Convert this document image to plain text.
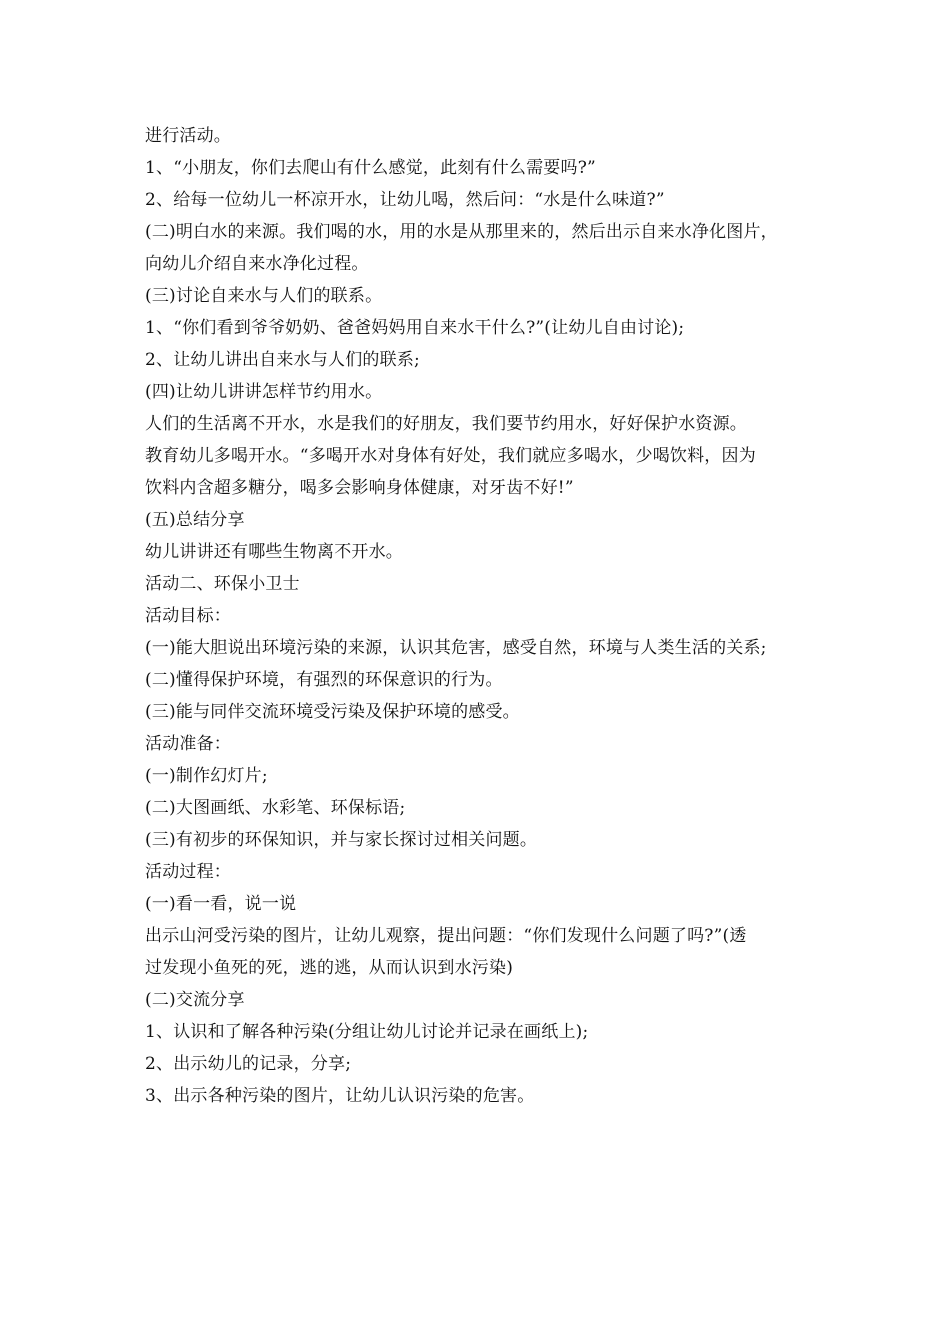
进行活动。

1、“小朋友，你们去爬山有什么感觉，此刻有什么需要吗?”

2、给每一位幼儿一杯凉开水，让幼儿喝，然后问：“水是什么味道?”

(二)明白水的来源。我们喝的水，用的水是从那里来的，然后出示自来水净化图片，

向幼儿介绍自来水净化过程。

(三)讨论自来水与人们的联系。

1、“你们看到爷爷奶奶、爸爸妈妈用自来水干什么?”(让幼儿自由讨论);

2、让幼儿讲出自来水与人们的联系;

(四)让幼儿讲讲怎样节约用水。

人们的生活离不开水，水是我们的好朋友，我们要节约用水，好好保护水资源。

教育幼儿多喝开水。“多喝开水对身体有好处，我们就应多喝水，少喝饮料，因为

饮料内含超多糖分，喝多会影响身体健康，对牙齿不好!”

(五)总结分享

幼儿讲讲还有哪些生物离不开水。

活动二、环保小卫士

活动目标：

(一)能大胆说出环境污染的来源，认识其危害，感受自然，环境与人类生活的关系;

(二)懂得保护环境，有强烈的环保意识的行为。

(三)能与同伴交流环境受污染及保护环境的感受。

活动准备：

(一)制作幻灯片;

(二)大图画纸、水彩笔、环保标语;

(三)有初步的环保知识，并与家长探讨过相关问题。

活动过程：

(一)看一看，说一说

出示山河受污染的图片，让幼儿观察，提出问题：“你们发现什么问题了吗?”(透

过发现小鱼死的死，逃的逃，从而认识到水污染)

(二)交流分享

1、认识和了解各种污染(分组让幼儿讨论并记录在画纸上);

2、出示幼儿的记录，分享;

3、出示各种污染的图片，让幼儿认识污染的危害。
